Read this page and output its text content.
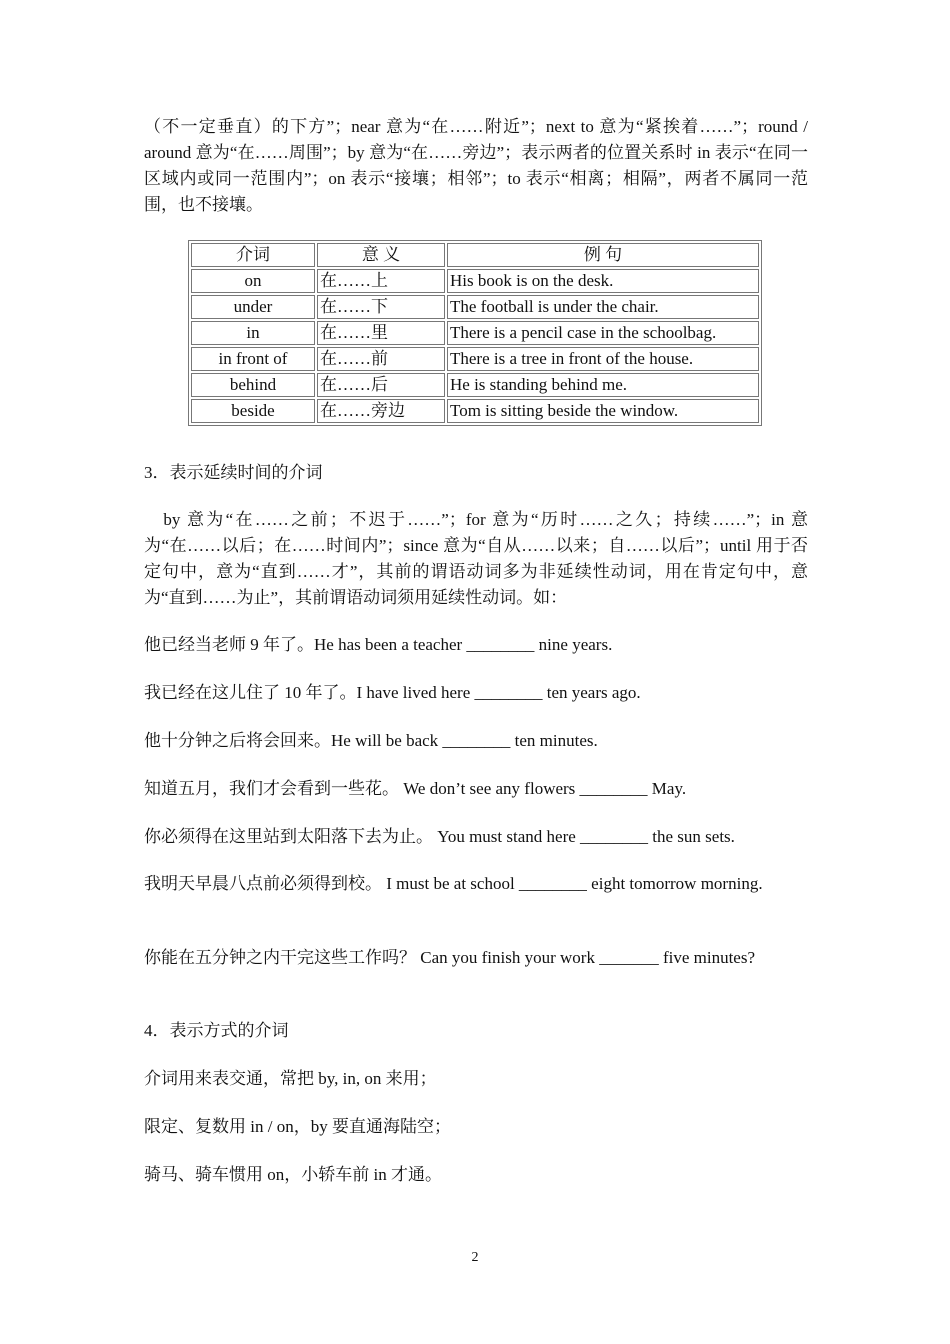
（不一定垂直）的下方”；near 意为“在……附近”；next to 意为“紧挨着……”；round / around 意为“在……周围”；by 意为“在……旁边”；表示两者的位置关系时 in 表示“在同一区域内或同一范围内”；on 表示“接壤；相邻”；to 表示“相离；相隔”，两者不属同一范围，也不接壤。

介词	意 义	例 句
on	在……上	His book is on the desk.
under	在……下	The football is under the chair.
in	在……里	There is a pencil case in the schoolbag.
in front of	在……前	There is a tree in front of the house.
behind	在……后	He is standing behind me.
beside	在……旁边	Tom is sitting beside the window.
3．表示延续时间的介词

　by 意为“在……之前；不迟于……”；for 意为“历时……之久；持续……”；in 意为“在……以后；在……时间内”；since 意为“自从……以来；自……以后”；until 用于否定句中，意为“直到……才”，其前的谓语动词多为非延续性动词，用在肯定句中，意为“直到……为止”，其前谓语动词须用延续性动词。如：

他已经当老师 9 年了。He has been a teacher ________ nine years.
我已经在这儿住了 10 年了。I have lived here ________ ten years ago.
他十分钟之后将会回来。He will be back ________ ten minutes.
知道五月，我们才会看到一些花。 We don’t see any flowers ________ May.
你必须得在这里站到太阳落下去为止。 You must stand here ________ the sun sets.
我明天早晨八点前必须得到校。 I must be at school ________ eight tomorrow morning.
你能在五分钟之内干完这些工作吗？ Can you finish your work _______ five minutes?
4．表示方式的介词
介词用来表交通，常把 by, in, on 来用；
限定、复数用 in / on，by 要直通海陆空；
骑马、骑车惯用 on，小轿车前 in 才通。
2
